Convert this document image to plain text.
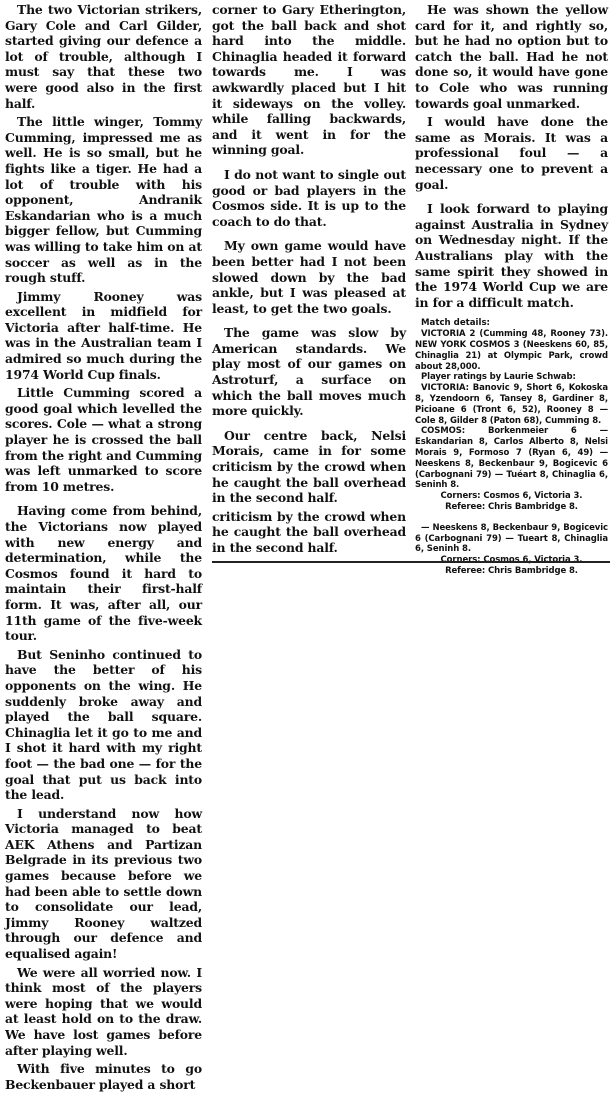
The two Victorian strikers, Gary Cole and Carl Gilder, started giving our defence a lot of trouble, although I must say that these two were good also in the first half.

The little winger, Tommy Cumming, impressed me as well. He is so small, but he fights like a tiger. He had a lot of trouble with his opponent, Andranik Eskandarian who is a much bigger fellow, but Cumming was willing to take him on at soccer as well as in the rough stuff.

Jimmy Rooney was excellent in midfield for Victoria after half-time. He was in the Australian team I admired so much during the 1974 World Cup finals.

Little Cumming scored a good goal which levelled the scores. Cole — what a strong player he is crossed the ball from the right and Cumming was left unmarked to score from 10 metres.

Having come from behind, the Victorians now played with new energy and determination, while the Cosmos found it hard to maintain their first-half form. It was, after all, our 11th game of the five-week tour.

But Seninho continued to have the better of his opponents on the wing. He suddenly broke away and played the ball square. Chinaglia let it go to me and I shot it hard with my right foot — the bad one — for the goal that put us back into the lead.

I understand now how Victoria managed to beat AEK Athens and Partizan Belgrade in its previous two games because before we had been able to settle down to consolidate our lead, Jimmy Rooney waltzed through our defence and equalised again!

We were all worried now. I think most of the players were hoping that we would at least hold on to the draw. We have lost games before after playing well.

With five minutes to go Beckenbauer played a short

corner to Gary Etherington, got the ball back and shot hard into the middle. Chinaglia headed it forward towards me. I was awkwardly placed but I hit it sideways on the volley. while falling backwards, and it went in for the winning goal.

I do not want to single out good or bad players in the Cosmos side. It is up to the coach to do that.

My own game would have been better had I not been slowed down by the bad ankle, but I was pleased at least, to get the two goals.

The game was slow by American standards. We play most of our games on Astroturf, a surface on which the ball moves much more quickly.

Our centre back, Nelsi Morais, came in for some criticism by the crowd when he caught the ball overhead in the second half.

criticism by the crowd when he caught the ball overhead in the second half.

He was shown the yellow card for it, and rightly so, but he had no option but to catch the ball. Had he not done so, it would have gone to Cole who was running towards goal unmarked.

I would have done the same as Morais. It was a professional foul — a necessary one to prevent a goal.

I look forward to playing against Australia in Sydney on Wednesday night. If the Australians play with the same spirit they showed in the 1974 World Cup we are in for a difficult match.

Match details:

VICTORIA 2 (Cumming 48, Rooney 73). NEW YORK COSMOS 3 (Neeskens 60, 85, Chinaglia 21) at Olympic Park, crowd about 28,000.

Player ratings by Laurie Schwab:

VICTORIA: Banovic 9, Short 6, Kokoska 8, Yzendoorn 6, Tansey 8, Gardiner 8, Picioane 6 (Tront 6, 52), Rooney 8 — Cole 8, Gilder 8 (Paton 68), Cumming 8.

COSMOS: Borkenmeier 6 — Eskandarian 8, Carlos Alberto 8, Nelsi Morais 9, Formoso 7 (Ryan 6, 49) — Neeskens 8, Beckenbaur 9, Bogicevic 6 (Carbognani 79) — Tuéart 8, Chinaglia 6, Seninh 8.

Corners: Cosmos 6, Victoria 3.

Referee: Chris Bambridge 8.

— Neeskens 8, Beckenbaur 9, Bogicevic 6 (Carbognani 79) — Tueart 8, Chinaglia 6, Seninh 8.

Referee: Chris Bambridge 8.
